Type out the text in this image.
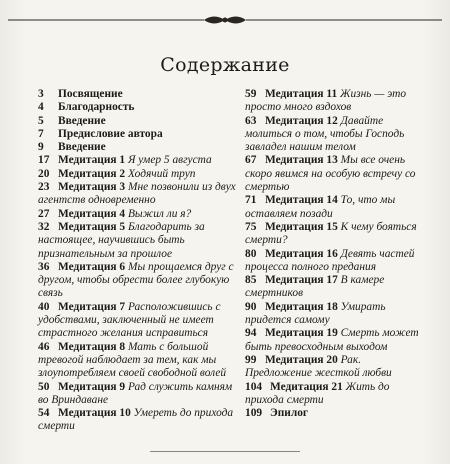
Содержание

3 Посвящение

4 Благодарность

5 Введение

7 Предисловие автора

9 Введение

17 Медитация 1 Я умер 5 августа

20 Медитация 2 Ходячий труп

23 Медитация 3 Мне позвонили из двух агентств одновременно

27 Медитация 4 Выжил ли я?

32 Медитация 5 Благодарить за настоящее, научившись быть признательным за прошлое

36 Медитация 6 Мы прощаемся друг с другом, чтобы обрести более глубокую связь

40 Медитация 7 Расположившись с удобствами, заключенный не имеет страстного желания исправиться

46 Медитация 8 Мать с большой тревогой наблюдает за тем, как мы злоупотребляем своей свободной волей

50 Медитация 9 Рад служить камням во Вриндаване

54 Медитация 10 Умереть до прихода смерти

59 Медитация 11 Жизнь — это просто много вздохов

63 Медитация 12 Давайте молиться о том, чтобы Господь завладел нашим телом

67 Медитация 13 Мы все очень скоро явимся на особую встречу со смертью

71 Медитация 14 То, что мы оставляем позади

75 Медитация 15 К чему бояться смерти?

80 Медитация 16 Девять частей процесса полного предания

85 Медитация 17 В камере смертников

90 Медитация 18 Умирать придется самому

94 Медитация 19 Смерть может быть превосходным выходом

99 Медитация 20 Рак. Предложение жесткой любви

104 Медитация 21 Жить до прихода смерти

109 Эпилог
